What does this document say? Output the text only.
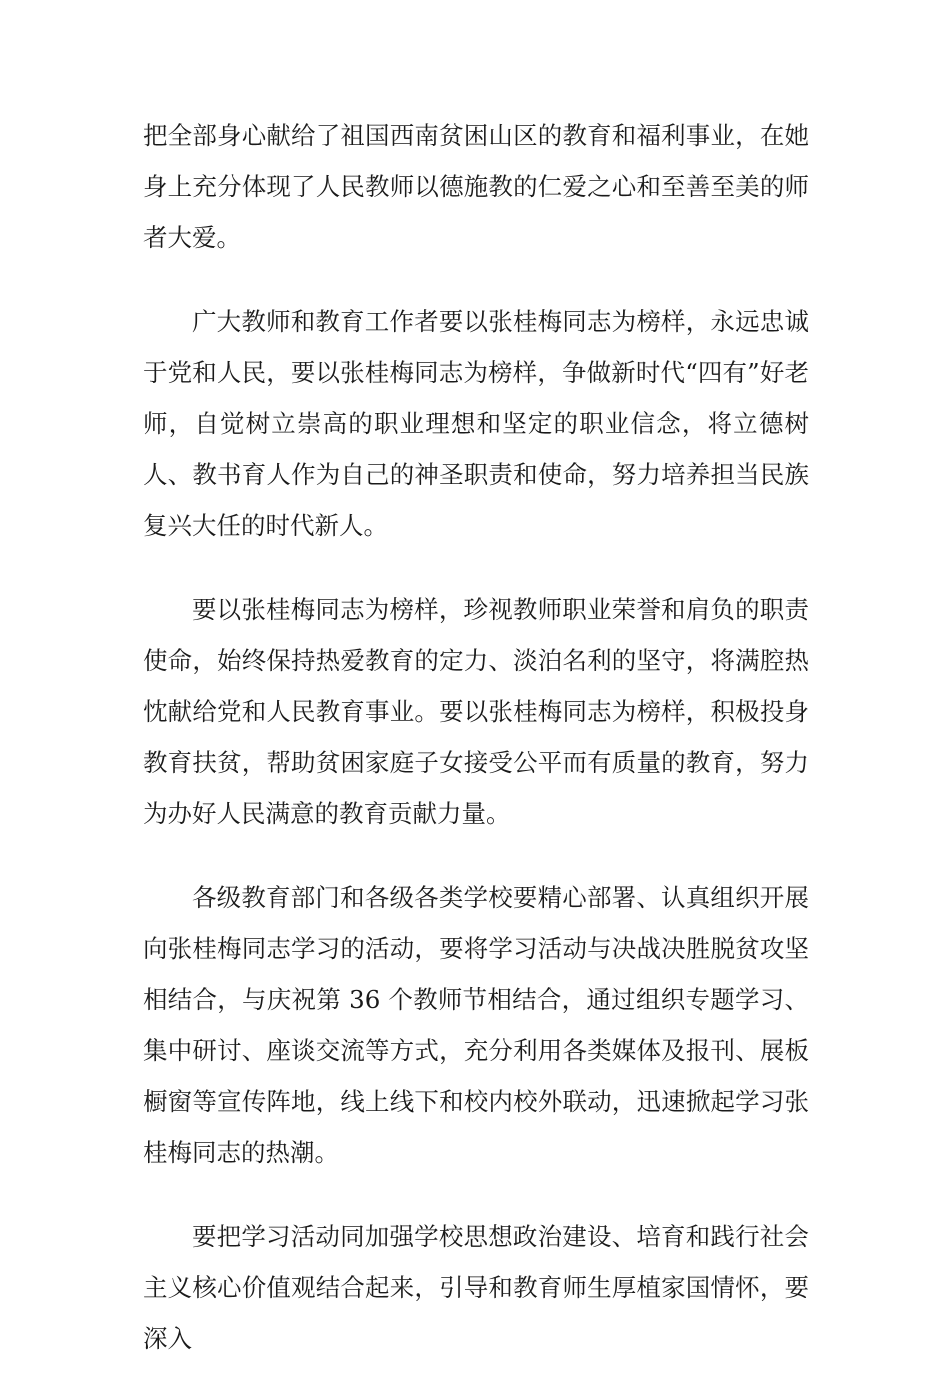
把全部身心献给了祖国西南贫困山区的教育和福利事业，在她身上充分体现了人民教师以德施教的仁爱之心和至善至美的师者大爱。

广大教师和教育工作者要以张桂梅同志为榜样，永远忠诚于党和人民，要以张桂梅同志为榜样，争做新时代“四有”好老师，自觉树立崇高的职业理想和坚定的职业信念，将立德树人、教书育人作为自己的神圣职责和使命，努力培养担当民族复兴大任的时代新人。

要以张桂梅同志为榜样，珍视教师职业荣誉和肩负的职责使命，始终保持热爱教育的定力、淡泊名利的坚守，将满腔热忱献给党和人民教育事业。要以张桂梅同志为榜样，积极投身教育扶贫，帮助贫困家庭子女接受公平而有质量的教育，努力为办好人民满意的教育贡献力量。

各级教育部门和各级各类学校要精心部署、认真组织开展向张桂梅同志学习的活动，要将学习活动与决战决胜脱贫攻坚相结合，与庆祝第 36 个教师节相结合，通过组织专题学习、集中研讨、座谈交流等方式，充分利用各类媒体及报刊、展板橱窗等宣传阵地，线上线下和校内校外联动，迅速掀起学习张桂梅同志的热潮。

要把学习活动同加强学校思想政治建设、培育和践行社会主义核心价值观结合起来，引导和教育师生厚植家国情怀，要深入
